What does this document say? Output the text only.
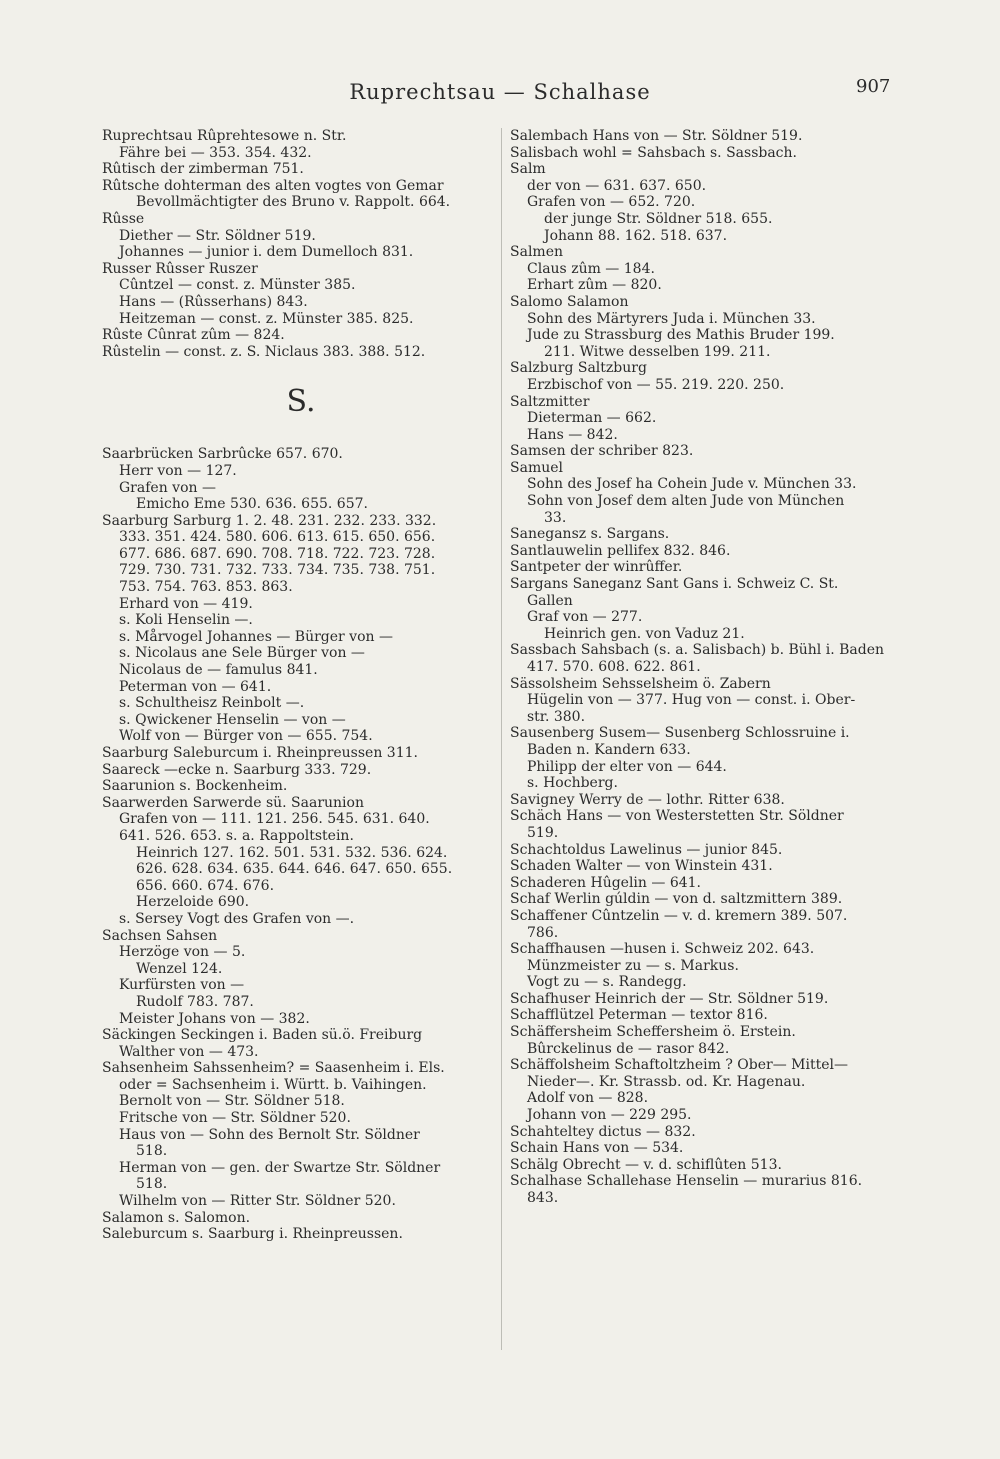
Ruprechtsau — Schalhase	907
Ruprechtsau Rûprehtesowe n. Str.
Fähre bei — 353. 354. 432.
Rûtisch der zimberman 751.
Rûtsche dohterman des alten vogtes von Gemar
Bevollmächtigter des Bruno v. Rappolt. 664.
Rûsse
Diether — Str. Söldner 519.
Johannes — junior i. dem Dumelloch 831.
Russer Rûsser Ruszer
Cûntzel — const. z. Münster 385.
Hans — (Rûsserhans) 843.
Heitzeman — const. z. Münster 385. 825.
Rûste Cûnrat zûm — 824.
Rûstelin — const. z. S. Niclaus 383. 388. 512.
S.
Saarbrücken Sarbrûcke 657. 670.
Herr von — 127.
Grafen von —
Emicho Eme 530. 636. 655. 657.
Saarburg Sarburg 1. 2. 48. 231. 232. 233. 332.
333. 351. 424. 580. 606. 613. 615. 650. 656.
677. 686. 687. 690. 708. 718. 722. 723. 728.
729. 730. 731. 732. 733. 734. 735. 738. 751.
753. 754. 763. 853. 863.
Erhard von — 419.
s. Koli Henselin —.
s. Mårvogel Johannes — Bürger von —
s. Nicolaus ane Sele Bürger von —
Nicolaus de — famulus 841.
Peterman von — 641.
s. Schultheisz Reinbolt —.
s. Qwickener Henselin — von —
Wolf von — Bürger von — 655. 754.
Saarburg Saleburcum i. Rheinpreussen 311.
Saareck —ecke n. Saarburg 333. 729.
Saarunion s. Bockenheim.
Saarwerden Sarwerde sü. Saarunion
Grafen von — 111. 121. 256. 545. 631. 640.
641. 526. 653. s. a. Rappoltstein.
Heinrich 127. 162. 501. 531. 532. 536. 624.
626. 628. 634. 635. 644. 646. 647. 650. 655.
656. 660. 674. 676.
Herzeloide 690.
s. Sersey Vogt des Grafen von —.
Sachsen Sahsen
Herzöge von — 5.
Wenzel 124.
Kurfürsten von —
Rudolf 783. 787.
Meister Johans von — 382.
Säckingen Seckingen i. Baden sü.ö. Freiburg
Walther von — 473.
Sahsenheim Sahssenheim? = Saasenheim i. Els.
oder = Sachsenheim i. Württ. b. Vaihingen.
Bernolt von — Str. Söldner 518.
Fritsche von — Str. Söldner 520.
Haus von — Sohn des Bernolt Str. Söldner
518.
Herman von — gen. der Swartze Str. Söldner
518.
Wilhelm von — Ritter Str. Söldner 520.
Salamon s. Salomon.
Saleburcum s. Saarburg i. Rheinpreussen.
Salembach Hans von — Str. Söldner 519.
Salisbach wohl = Sahsbach s. Sassbach.
Salm
der von — 631. 637. 650.
Grafen von — 652. 720.
der junge Str. Söldner 518. 655.
Johann 88. 162. 518. 637.
Salmen
Claus zûm — 184.
Erhart zûm — 820.
Salomo Salamon
Sohn des Märtyrers Juda i. München 33.
Jude zu Strassburg des Mathis Bruder 199.
211. Witwe desselben 199. 211.
Salzburg Saltzburg
Erzbischof von — 55. 219. 220. 250.
Saltzmitter
Dieterman — 662.
Hans — 842.
Samsen der schriber 823.
Samuel
Sohn des Josef ha Cohein Jude v. München 33.
Sohn von Josef dem alten Jude von München
33.
Sanegansz s. Sargans.
Santlauwelin pellifex 832. 846.
Santpeter der winrûffer.
Sargans Saneganz Sant Gans i. Schweiz C. St.
Gallen
Graf von — 277.
Heinrich gen. von Vaduz 21.
Sassbach Sahsbach (s. a. Salisbach) b. Bühl i. Baden
417. 570. 608. 622. 861.
Sässolsheim Sehsselsheim ö. Zabern
Hügelin von — 377. Hug von — const. i. Ober-
str. 380.
Sausenberg Susem— Susenberg Schlossruine i.
Baden n. Kandern 633.
Philipp der elter von — 644.
s. Hochberg.
Savigney Werry de — lothr. Ritter 638.
Schäch Hans — von Westerstetten Str. Söldner
519.
Schachtoldus Lawelinus — junior 845.
Schaden Walter — von Winstein 431.
Schaderen Hûgelin — 641.
Schaf Werlin gúldin — von d. saltzmittern 389.
Schaffener Cûntzelin — v. d. kremern 389. 507.
786.
Schaffhausen —husen i. Schweiz 202. 643.
Münzmeister zu — s. Markus.
Vogt zu — s. Randegg.
Schafhuser Heinrich der — Str. Söldner 519.
Schafflützel Peterman — textor 816.
Schäffersheim Scheffersheim ö. Erstein.
Bûrckelinus de — rasor 842.
Schäffolsheim Schaftoltzheim ? Ober— Mittel—
Nieder—. Kr. Strassb. od. Kr. Hagenau.
Adolf von — 828.
Johann von — 229 295.
Schahteltey dictus — 832.
Schain Hans von — 534.
Schälg Obrecht — v. d. schiflûten 513.
Schalhase Schallehase Henselin — murarius 816.
843.
